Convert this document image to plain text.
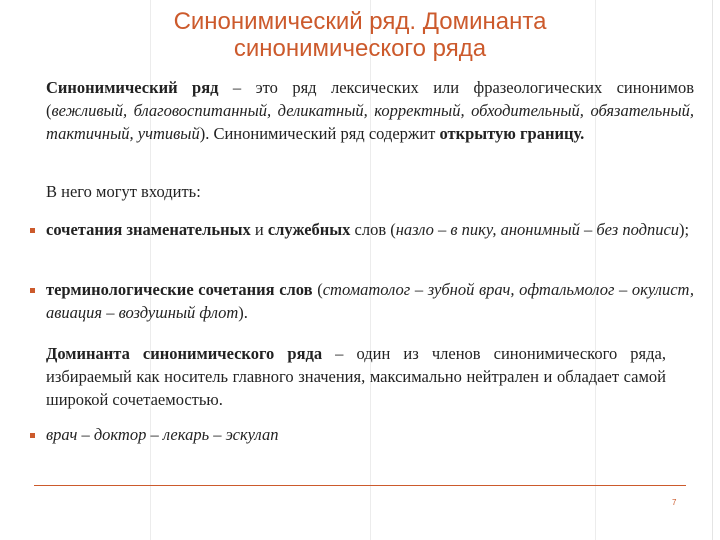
Синонимический ряд. Доминанта
синонимического ряда
Синонимический ряд – это ряд лексических или фразеологических синонимов (вежливый, благовоспитанный, деликатный, корректный, обходительный, обязательный, тактичный, учтивый). Синонимический ряд содержит открытую границу.
В него могут входить:
сочетания знаменательных и служебных слов (назло – в пику, анонимный – без подписи);
терминологические сочетания слов (стоматолог – зубной врач, офтальмолог – окулист, авиация – воздушный флот).
Доминанта синонимического ряда – один из членов синонимического ряда, избираемый как носитель главного значения, максимально нейтрален и обладает самой широкой сочетаемостью.
врач – доктор – лекарь – эскулап
7
